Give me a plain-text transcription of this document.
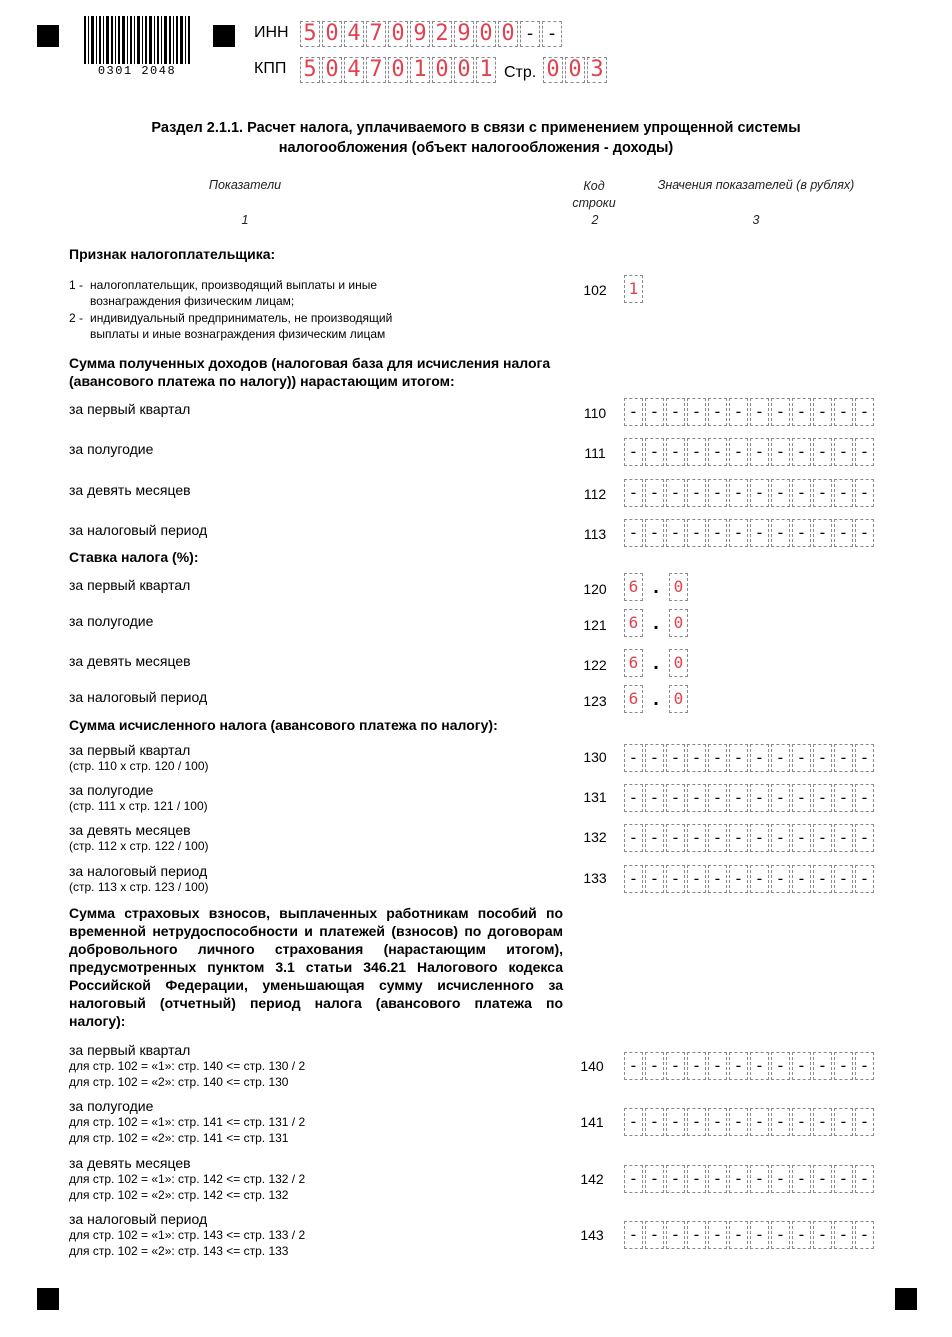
0301 2048
ИНН 5 0 4 7 0 9 2 9 0 0 - -
КПП 5 0 4 7 0 1 0 0 1 Стр. 0 0 3
Раздел 2.1.1. Расчет налога, уплачиваемого в связи с применением упрощенной системы
налогообложения (объект налогообложения - доходы)
Показатели	Код
строки
Значения показателей (в рублях)
1	2	3
Признак налогоплательщика:
1 - налогоплательщик, производящий выплаты и иные
вознаграждения физическим лицам;
2 - индивидуальный предприниматель, не производящий
выплаты и иные вознаграждения физическим лицам
102	1
Сумма полученных доходов (налоговая база для исчисления налога
(авансового платежа по налогу)) нарастающим итогом:
за первый квартал	110	- - - - - - - - - - - -
за полугодие	111	- - - - - - - - - - - -
за девять месяцев	112	- - - - - - - - - - - -
за налоговый период	113	- - - - - - - - - - - -
Ставка налога (%):
за первый квартал	120	6 . 0
за полугодие	121	6 . 0
за девять месяцев	122	6 . 0
за налоговый период	123	6 . 0
Сумма исчисленного налога (авансового платежа по налогу):
за первый квартал
(стр. 110 х стр. 120 / 100)
130	- - - - - - - - - - - -
за полугодие
(стр. 111 х стр. 121 / 100)
131	- - - - - - - - - - - -
за девять месяцев
(стр. 112 х стр. 122 / 100)
132	- - - - - - - - - - - -
за налоговый период
(стр. 113 х стр. 123 / 100)
133	- - - - - - - - - - - -
Сумма страховых взносов, выплаченных работникам пособий по
временной нетрудоспособности и платежей (взносов) по договорам
добровольного личного страхования (нарастающим итогом),
предусмотренных пунктом 3.1 статьи 346.21 Налогового кодекса
Российской Федерации, уменьшающая сумму исчисленного за
налоговый (отчетный) период налога (авансового платежа по
налогу):
за первый квартал
для стр. 102 = «1»: стр. 140 <= стр. 130 / 2
для стр. 102 = «2»: стр. 140 <= стр. 130
140	- - - - - - - - - - - -
за полугодие
для стр. 102 = «1»: стр. 141 <= стр. 131 / 2
для стр. 102 = «2»: стр. 141 <= стр. 131
141	- - - - - - - - - - - -
за девять месяцев
для стр. 102 = «1»: стр. 142 <= стр. 132 / 2
для стр. 102 = «2»: стр. 142 <= стр. 132
142	- - - - - - - - - - - -
за налоговый период
для стр. 102 = «1»: стр. 143 <= стр. 133 / 2
для стр. 102 = «2»: стр. 143 <= стр. 133
143	- - - - - - - - - - - -
